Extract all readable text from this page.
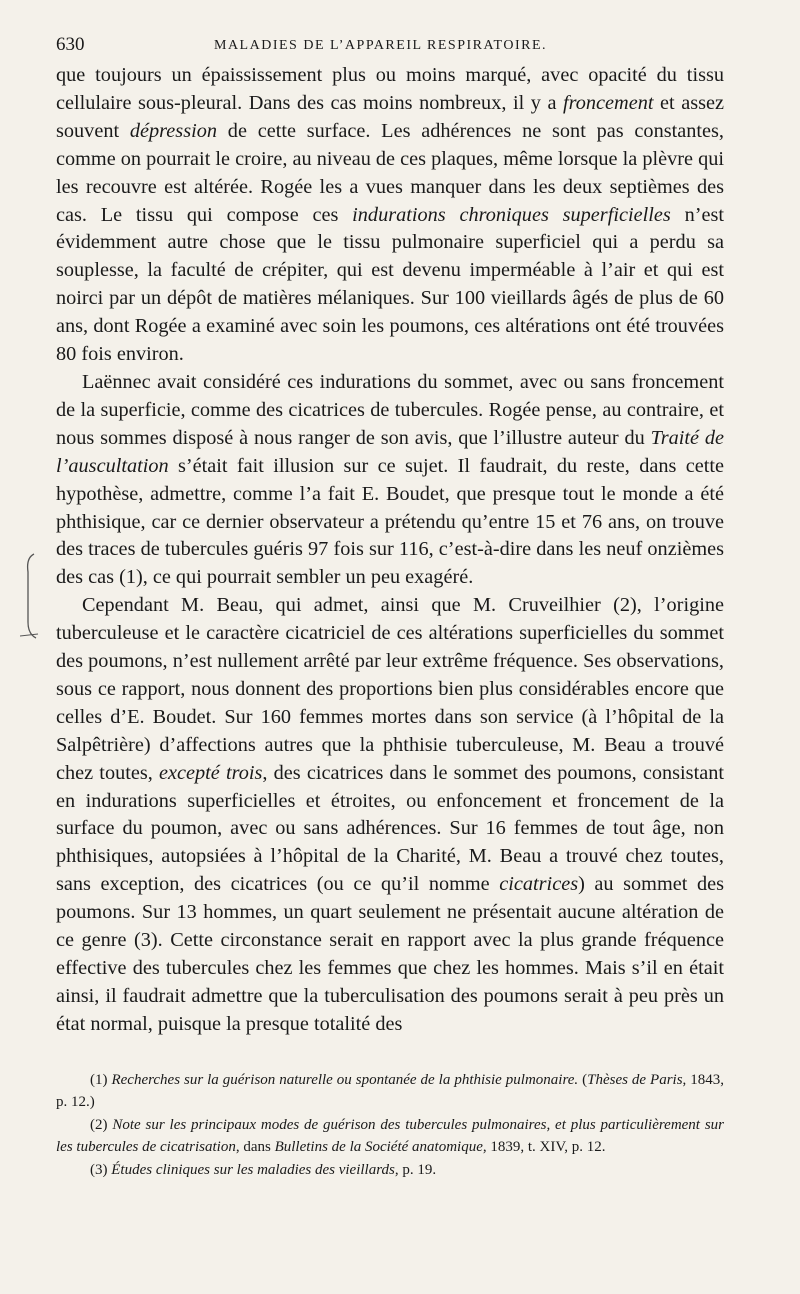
630	MALADIES DE L’APPAREIL RESPIRATOIRE.

que toujours un épaississement plus ou moins marqué, avec opacité du tissu cellulaire sous-pleural. Dans des cas moins nombreux, il y a froncement et assez souvent dépression de cette surface. Les adhérences ne sont pas constantes, comme on pourrait le croire, au niveau de ces plaques, même lorsque la plèvre qui les recouvre est altérée. Rogée les a vues manquer dans les deux septièmes des cas. Le tissu qui compose ces indurations chroniques superficielles n’est évidemment autre chose que le tissu pulmonaire superficiel qui a perdu sa souplesse, la faculté de crépiter, qui est devenu imperméable à l’air et qui est noirci par un dépôt de matières mélaniques. Sur 100 vieillards âgés de plus de 60 ans, dont Rogée a examiné avec soin les poumons, ces altérations ont été trouvées 80 fois environ.

Laënnec avait considéré ces indurations du sommet, avec ou sans froncement de la superficie, comme des cicatrices de tubercules. Rogée pense, au contraire, et nous sommes disposé à nous ranger de son avis, que l’illustre auteur du Traité de l’auscultation s’était fait illusion sur ce sujet. Il faudrait, du reste, dans cette hypothèse, admettre, comme l’a fait E. Boudet, que presque tout le monde a été phthisique, car ce dernier observateur a prétendu qu’entre 15 et 76 ans, on trouve des traces de tubercules guéris 97 fois sur 116, c’est-à-dire dans les neuf onzièmes des cas (1), ce qui pourrait sembler un peu exagéré.

Cependant M. Beau, qui admet, ainsi que M. Cruveilhier (2), l’origine tuberculeuse et le caractère cicatriciel de ces altérations superficielles du sommet des poumons, n’est nullement arrêté par leur extrême fréquence. Ses observations, sous ce rapport, nous donnent des proportions bien plus considérables encore que celles d’E. Boudet. Sur 160 femmes mortes dans son service (à l’hôpital de la Salpêtrière) d’affections autres que la phthisie tuberculeuse, M. Beau a trouvé chez toutes, excepté trois, des cicatrices dans le sommet des poumons, consistant en indurations superficielles et étroites, ou enfoncement et froncement de la surface du poumon, avec ou sans adhérences. Sur 16 femmes de tout âge, non phthisiques, autopsiées à l’hôpital de la Charité, M. Beau a trouvé chez toutes, sans exception, des cicatrices (ou ce qu’il nomme cicatrices) au sommet des poumons. Sur 13 hommes, un quart seulement ne présentait aucune altération de ce genre (3). Cette circonstance serait en rapport avec la plus grande fréquence effective des tubercules chez les femmes que chez les hommes. Mais s’il en était ainsi, il faudrait admettre que la tuberculisation des poumons serait à peu près un état normal, puisque la presque totalité des

(1) Recherches sur la guérison naturelle ou spontanée de la phthisie pulmonaire. (Thèses de Paris, 1843, p. 12.)

(2) Note sur les principaux modes de guérison des tubercules pulmonaires, et plus particulièrement sur les tubercules de cicatrisation, dans Bulletins de la Société anatomique, 1839, t. XIV, p. 12.

(3) Études cliniques sur les maladies des vieillards, p. 19.
